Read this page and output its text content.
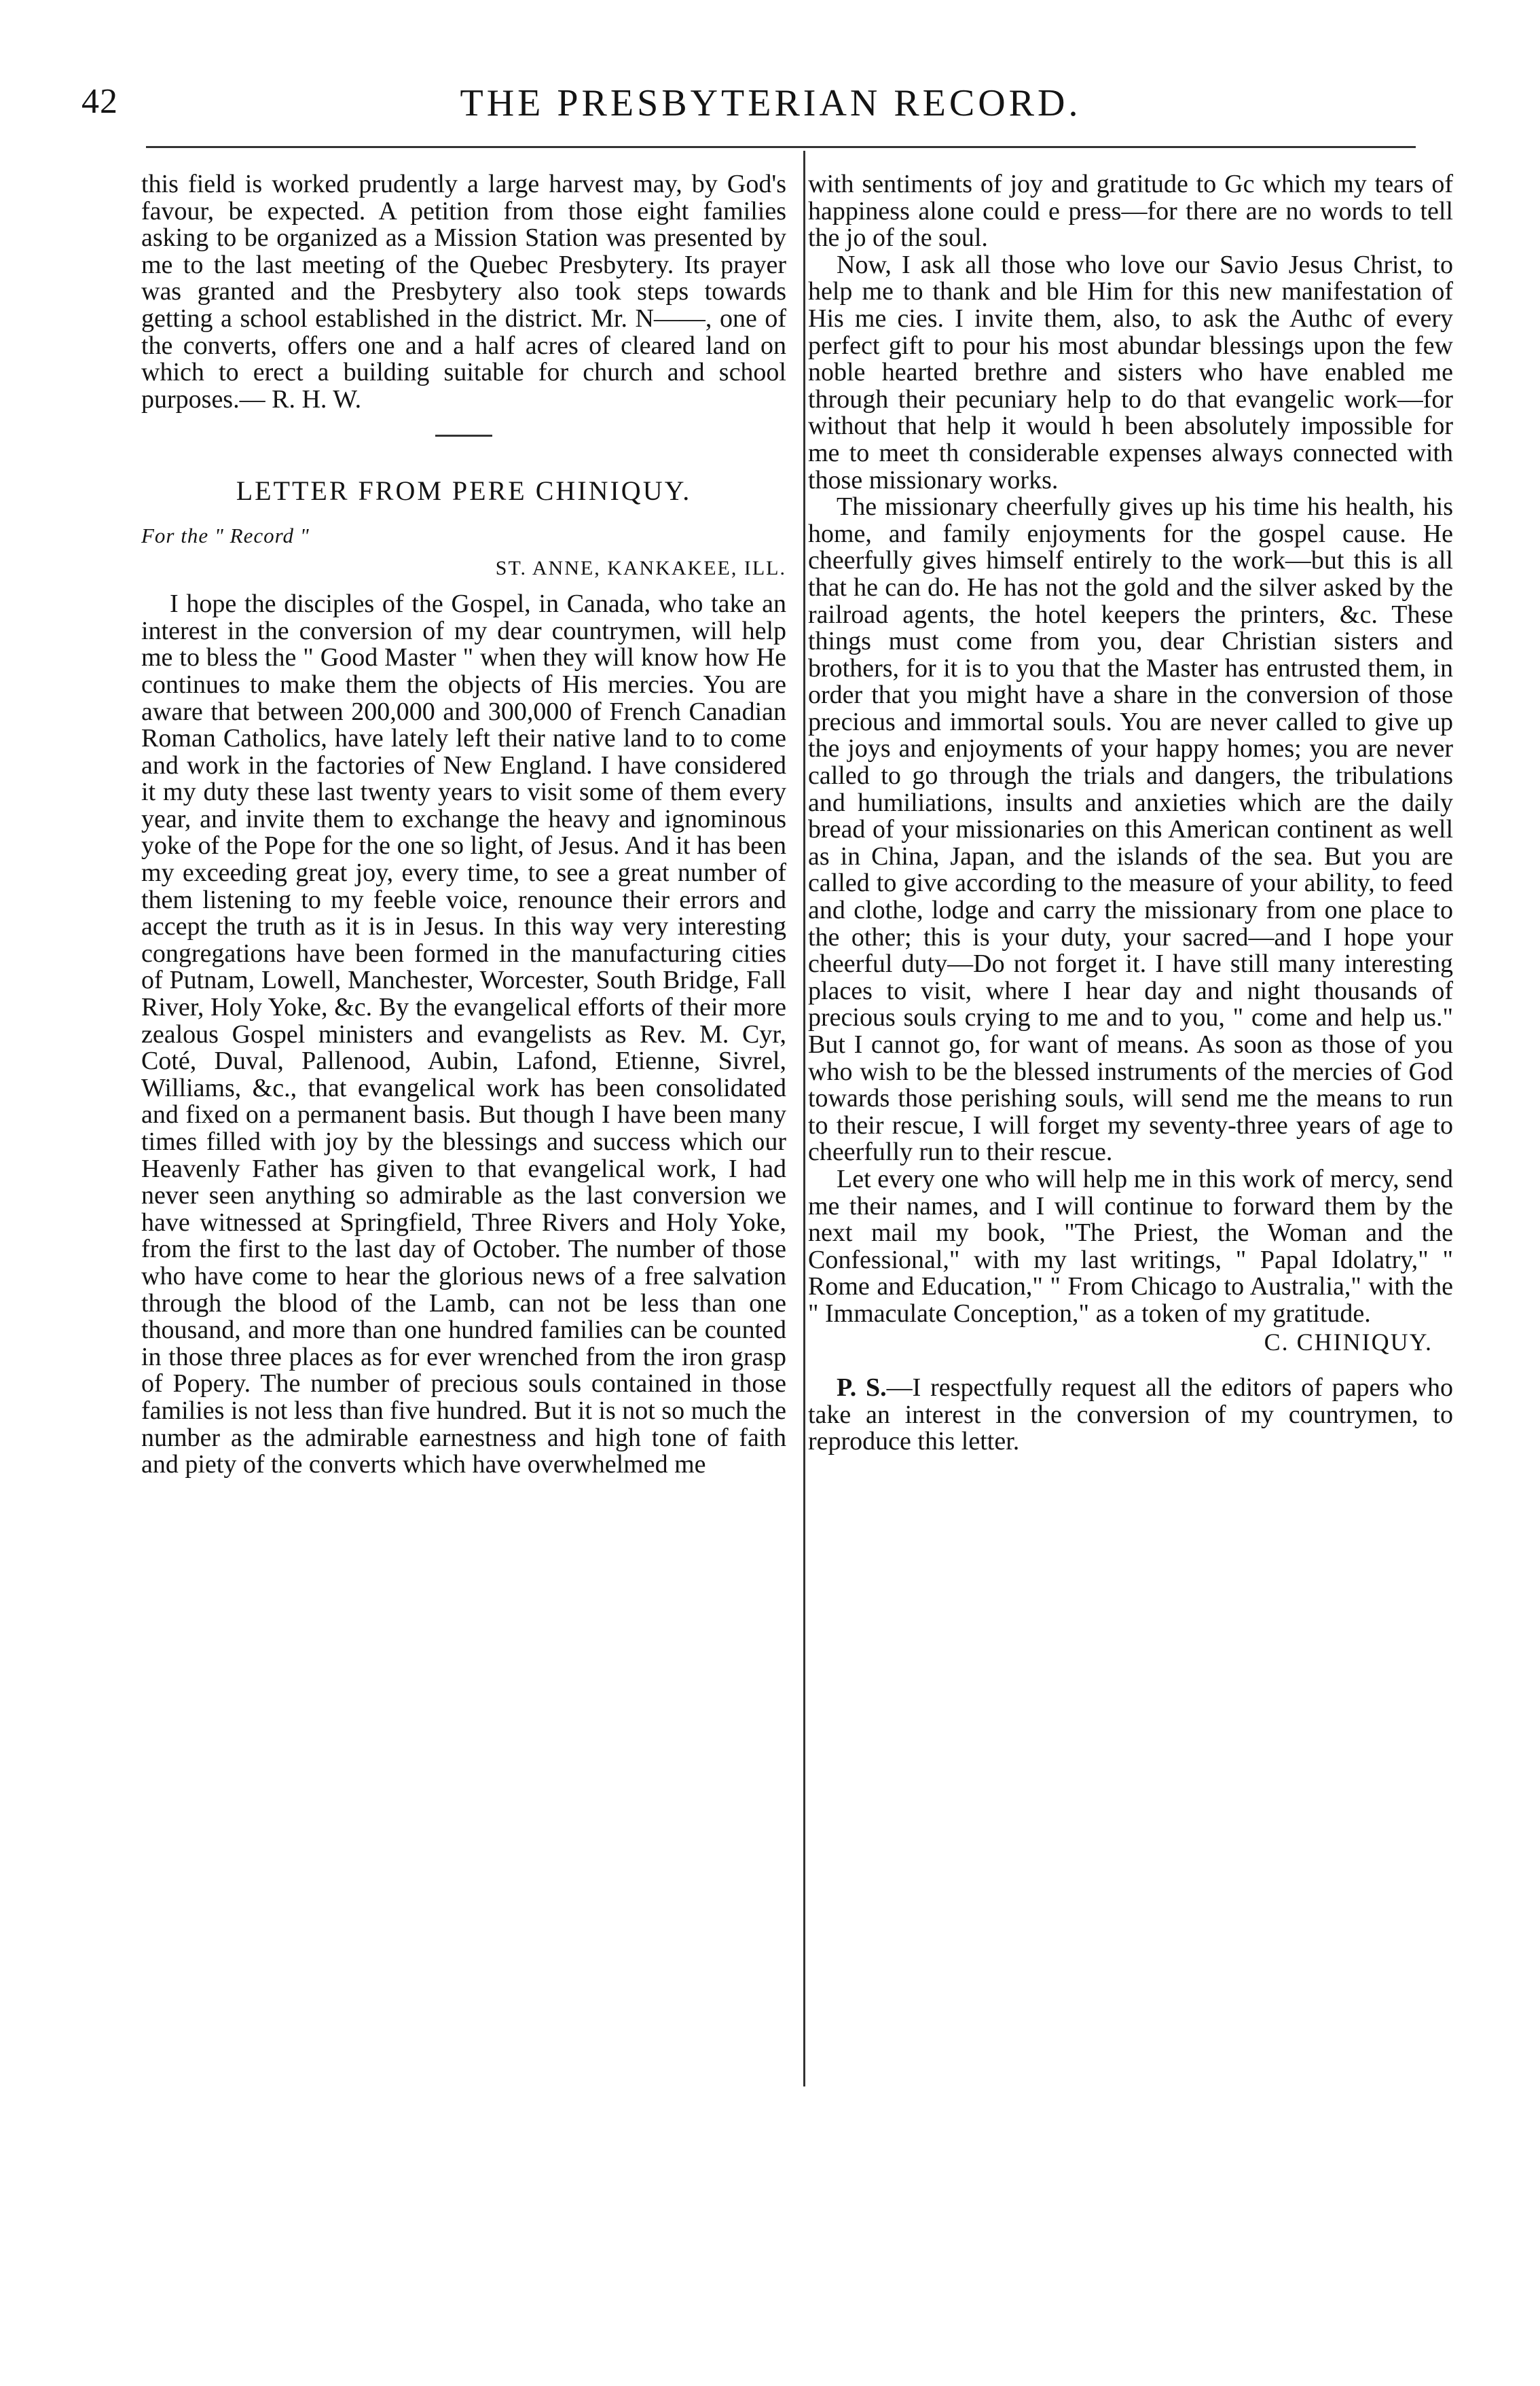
42	THE PRESBYTERIAN RECORD.

this field is worked prudently a large harvest may, by God's favour, be expected. A petition from those eight families asking to be organized as a Mission Station was presented by me to the last meeting of the Quebec Presbytery. Its prayer was granted and the Presbytery also took steps towards getting a school established in the district. Mr. N——, one of the converts, offers one and a half acres of cleared land on which to erect a building suitable for church and school purposes.— R. H. W.

LETTER FROM PERE CHINIQUY.
For the " Record "
ST. ANNE, KANKAKEE, ILL.

I hope the disciples of the Gospel, in Canada, who take an interest in the conversion of my dear countrymen, will help me to bless the " Good Master " when they will know how He continues to make them the objects of His mercies. You are aware that between 200,000 and 300,000 of French Canadian Roman Catholics, have lately left their native land to to come and work in the factories of New England. I have considered it my duty these last twenty years to visit some of them every year, and invite them to exchange the heavy and ignominous yoke of the Pope for the one so light, of Jesus. And it has been my exceeding great joy, every time, to see a great number of them listening to my feeble voice, renounce their errors and accept the truth as it is in Jesus. In this way very interesting congregations have been formed in the manufacturing cities of Putnam, Lowell, Manchester, Worcester, South Bridge, Fall River, Holy Yoke, &c. By the evangelical efforts of their more zealous Gospel ministers and evangelists as Rev. M. Cyr, Coté, Duval, Pallenood, Aubin, Lafond, Etienne, Sivrel, Williams, &c., that evangelical work has been consolidated and fixed on a permanent basis. But though I have been many times filled with joy by the blessings and success which our Heavenly Father has given to that evangelical work, I had never seen anything so admirable as the last conversion we have witnessed at Springfield, Three Rivers and Holy Yoke, from the first to the last day of October. The number of those who have come to hear the glorious news of a free salvation through the blood of the Lamb, can not be less than one thousand, and more than one hundred families can be counted in those three places as for ever wrenched from the iron grasp of Popery. The number of precious souls contained in those families is not less than five hundred. But it is not so much the number as the admirable earnestness and high tone of faith and piety of the converts which have overwhelmed me

with sentiments of joy and gratitude to Gc which my tears of happiness alone could e press—for there are no words to tell the jo of the soul.

Now, I ask all those who love our Savio Jesus Christ, to help me to thank and ble Him for this new manifestation of His me cies. I invite them, also, to ask the Authc of every perfect gift to pour his most abundar blessings upon the few noble hearted brethre and sisters who have enabled me through their pecuniary help to do that evangelic work—for without that help it would h been absolutely impossible for me to meet th considerable expenses always connected with those missionary works.

The missionary cheerfully gives up his time his health, his home, and family enjoyments for the gospel cause. He cheerfully gives himself entirely to the work—but this is all that he can do. He has not the gold and the silver asked by the railroad agents, the hotel keepers the printers, &c. These things must come from you, dear Christian sisters and brothers, for it is to you that the Master has entrusted them, in order that you might have a share in the conversion of those precious and immortal souls. You are never called to give up the joys and enjoyments of your happy homes; you are never called to go through the trials and dangers, the tribulations and humiliations, insults and anxieties which are the daily bread of your missionaries on this American continent as well as in China, Japan, and the islands of the sea. But you are called to give according to the measure of your ability, to feed and clothe, lodge and carry the missionary from one place to the other; this is your duty, your sacred—and I hope your cheerful duty—Do not forget it. I have still many interesting places to visit, where I hear day and night thousands of precious souls crying to me and to you, " come and help us." But I cannot go, for want of means. As soon as those of you who wish to be the blessed instruments of the mercies of God towards those perishing souls, will send me the means to run to their rescue, I will forget my seventy-three years of age to cheerfully run to their rescue.

Let every one who will help me in this work of mercy, send me their names, and I will continue to forward them by the next mail my book, "The Priest, the Woman and the Confessional," with my last writings, " Papal Idolatry," " Rome and Education," " From Chicago to Australia," with the " Immaculate Conception," as a token of my gratitude.

C. CHINIQUY.

P. S.—I respectfully request all the editors of papers who take an interest in the conversion of my countrymen, to reproduce this letter.
